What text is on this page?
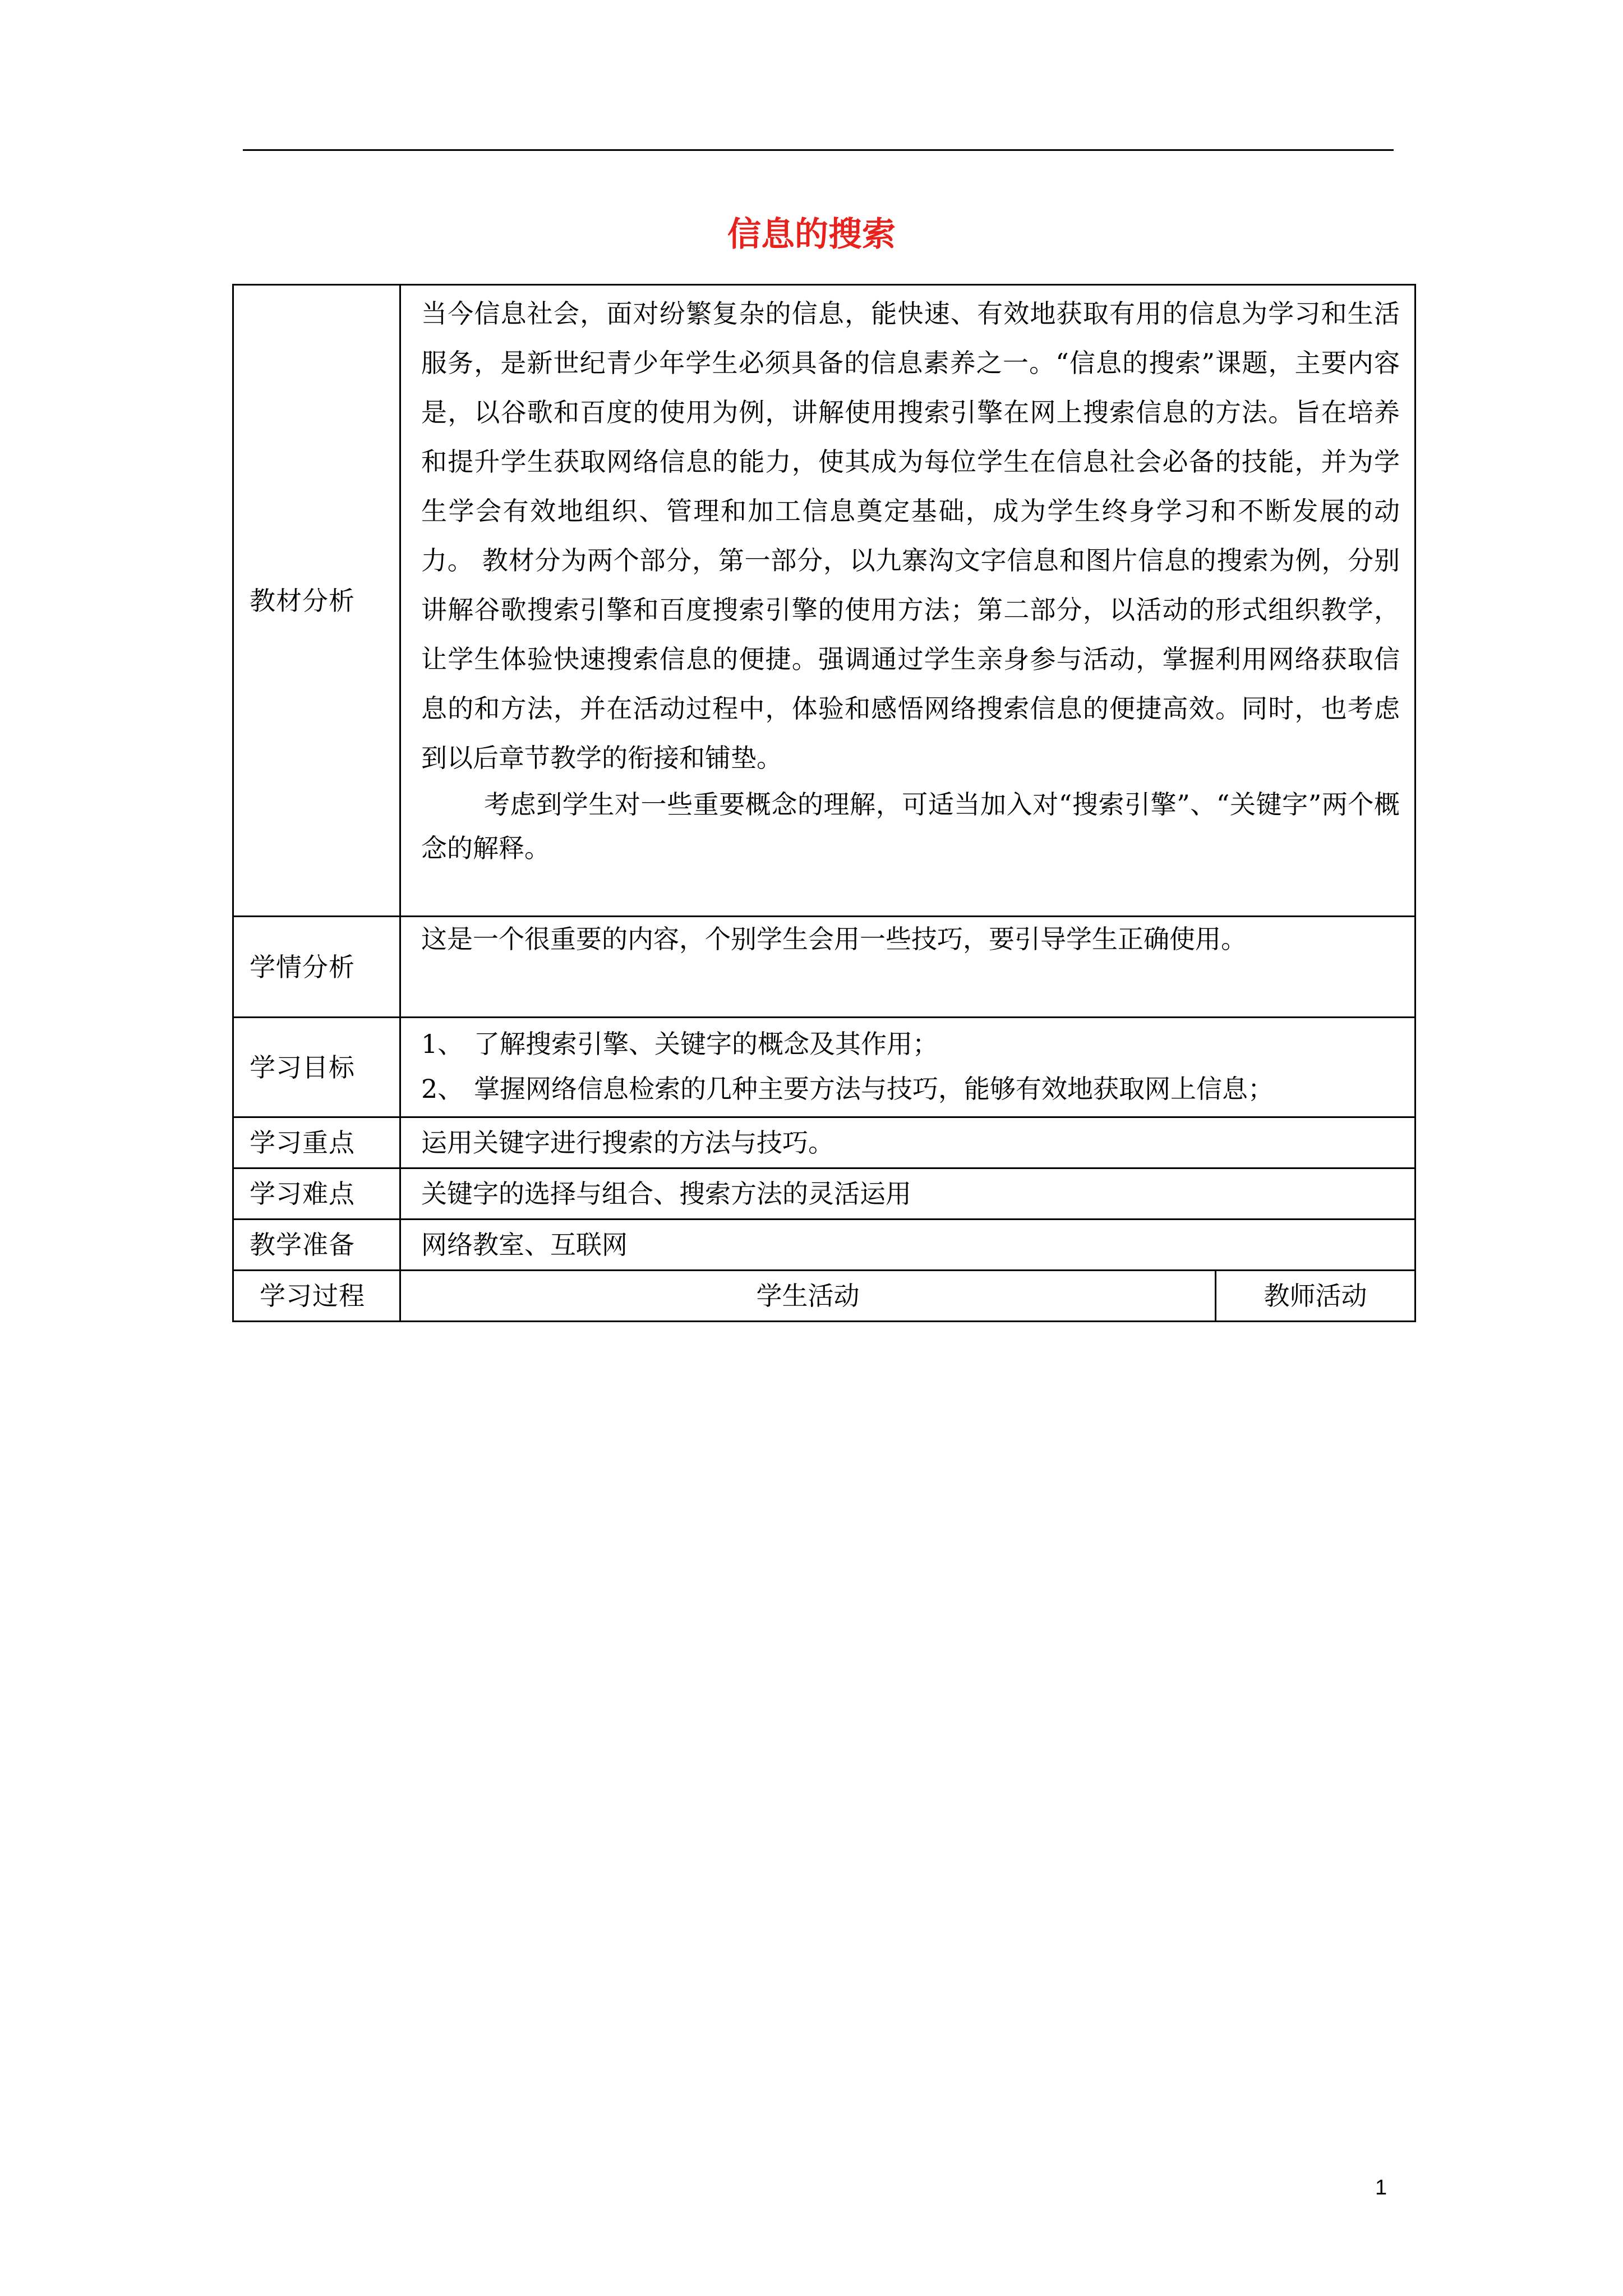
信息的搜索
教材分析	当今信息社会，面对纷繁复杂的信息，能快速、有效地获取有用的信息为学习和生活服务，是新世纪青少年学生必须具备的信息素养之一。“信息的搜索”课题，主要内容是，以谷歌和百度的使用为例，讲解使用搜索引擎在网上搜索信息的方法。旨在培养和提升学生获取网络信息的能力，使其成为每位学生在信息社会必备的技能，并为学生学会有效地组织、管理和加工信息奠定基础，成为学生终身学习和不断发展的动力。 教材分为两个部分，第一部分，以九寨沟文字信息和图片信息的搜索为例，分别讲解谷歌搜索引擎和百度搜索引擎的使用方法；第二部分，以活动的形式组织教学，让学生体验快速搜索信息的便捷。强调通过学生亲身参与活动，掌握利用网络获取信息的和方法，并在活动过程中，体验和感悟网络搜索信息的便捷高效。同时，也考虑到以后章节教学的衔接和铺垫。

考虑到学生对一些重要概念的理解，可适当加入对“搜索引擎”、“关键字”两个概念的解释。	

学情分析	这是一个很重要的内容，个别学生会用一些技巧，要引导学生正确使用。	
学习目标	1、 了解搜索引擎、关键字的概念及其作用；
2、 掌握网络信息检索的几种主要方法与技巧，能够有效地获取网上信息；	

学习重点	运用关键字进行搜索的方法与技巧。	
学习难点	关键字的选择与组合、搜索方法的灵活运用	
教学准备	网络教室、互联网	
学习过程	学生活动	教师活动
1
